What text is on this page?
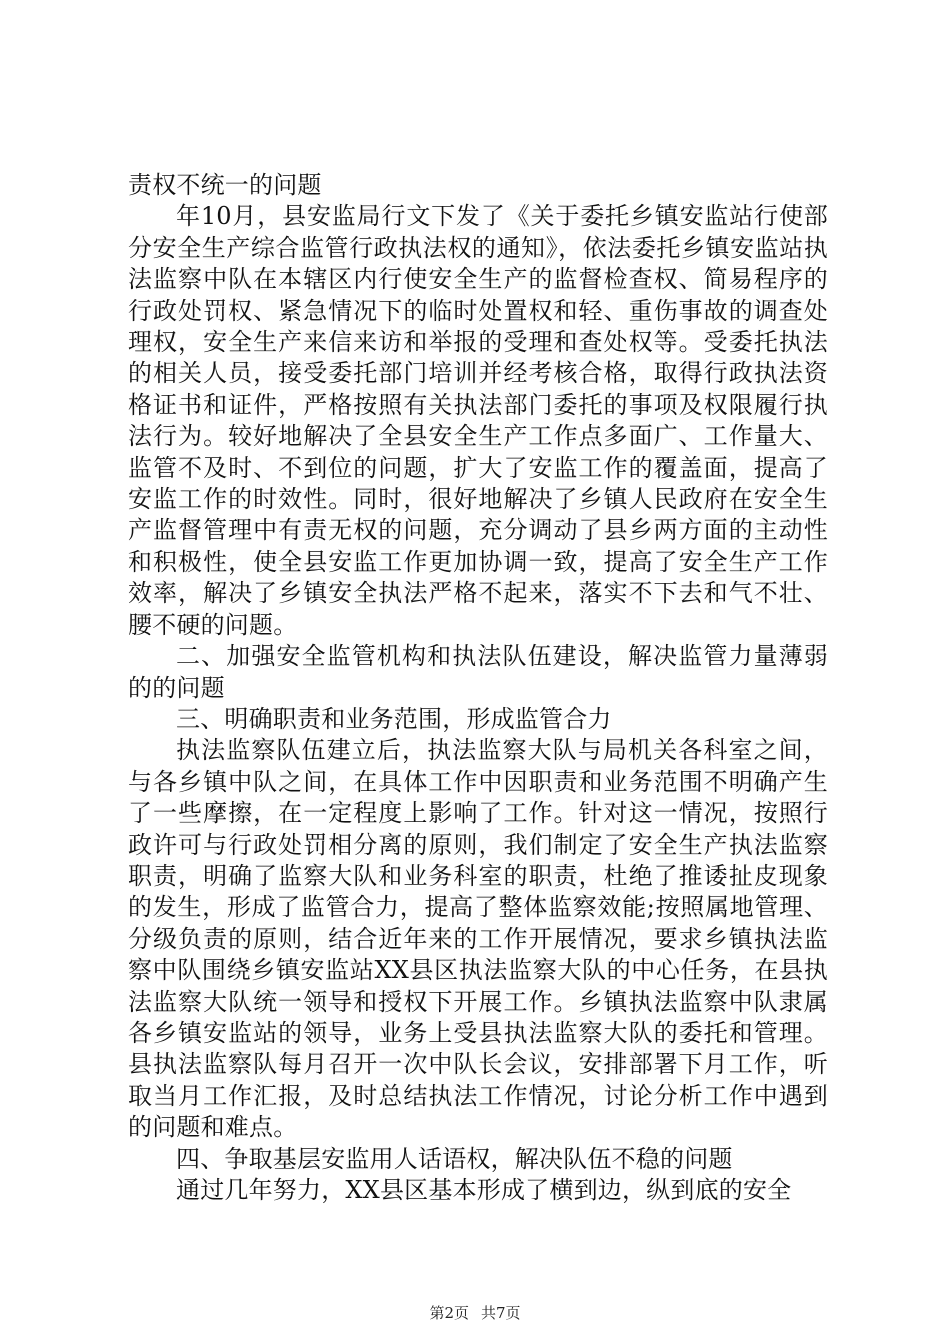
责权不统一的问题

年10月，县安监局行文下发了《关于委托乡镇安监站行使部分安全生产综合监管行政执法权的通知》，依法委托乡镇安监站执法监察中队在本辖区内行使安全生产的监督检查权、简易程序的行政处罚权、紧急情况下的临时处置权和轻、重伤事故的调查处理权，安全生产来信来访和举报的受理和查处权等。受委托执法的相关人员，接受委托部门培训并经考核合格，取得行政执法资格证书和证件，严格按照有关执法部门委托的事项及权限履行执法行为。较好地解决了全县安全生产工作点多面广、工作量大、监管不及时、不到位的问题，扩大了安监工作的覆盖面，提高了安监工作的时效性。同时，很好地解决了乡镇人民政府在安全生产监督管理中有责无权的问题，充分调动了县乡两方面的主动性和积极性，使全县安监工作更加协调一致，提高了安全生产工作效率，解决了乡镇安全执法严格不起来，落实不下去和气不壮、腰不硬的问题。

二、加强安全监管机构和执法队伍建设，解决监管力量薄弱的的问题

三、明确职责和业务范围，形成监管合力

执法监察队伍建立后，执法监察大队与局机关各科室之间，与各乡镇中队之间，在具体工作中因职责和业务范围不明确产生了一些摩擦，在一定程度上影响了工作。针对这一情况，按照行政许可与行政处罚相分离的原则，我们制定了安全生产执法监察职责，明确了监察大队和业务科室的职责，杜绝了推诿扯皮现象的发生，形成了监管合力，提高了整体监察效能;按照属地管理、分级负责的原则，结合近年来的工作开展情况，要求乡镇执法监察中队围绕乡镇安监站XX县区执法监察大队的中心任务，在县执法监察大队统一领导和授权下开展工作。乡镇执法监察中队隶属各乡镇安监站的领导，业务上受县执法监察大队的委托和管理。县执法监察队每月召开一次中队长会议，安排部署下月工作，听取当月工作汇报，及时总结执法工作情况，讨论分析工作中遇到的问题和难点。

四、争取基层安监用人话语权，解决队伍不稳的问题

通过几年努力，XX县区基本形成了横到边，纵到底的安全

第2页 共7页
